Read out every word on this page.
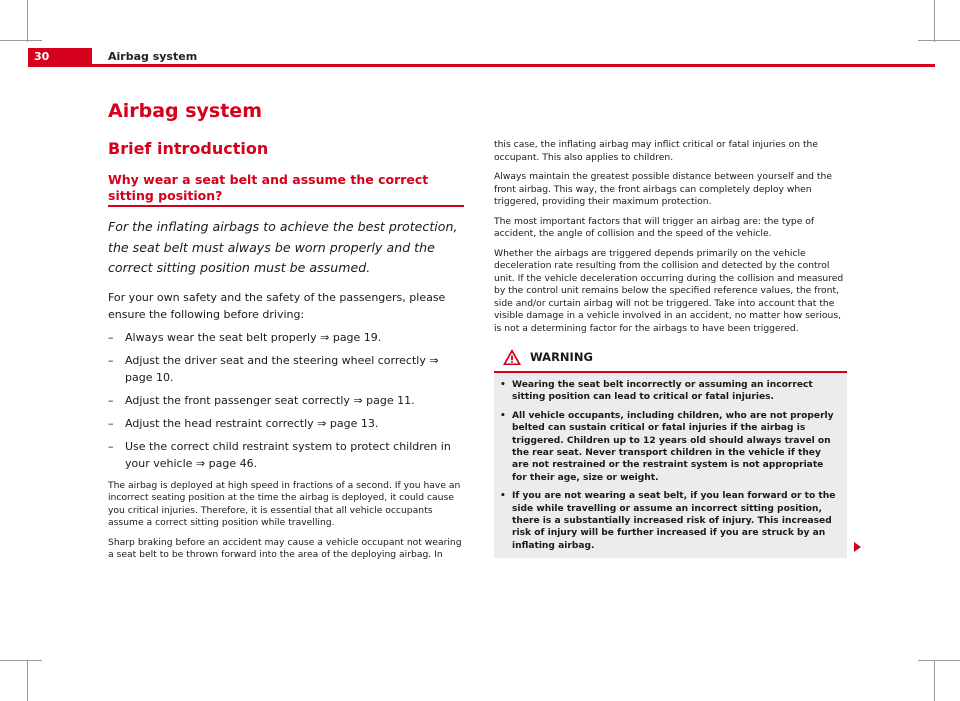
30	Airbag system
Airbag system
Brief introduction
Why wear a seat belt and assume the correct sitting position?

For the inflating airbags to achieve the best protection, the seat belt must always be worn properly and the correct sitting position must be assumed.

For your own safety and the safety of the passengers, please ensure the following before driving:

– Always wear the seat belt properly ⇒ page 19.
– Adjust the driver seat and the steering wheel correctly ⇒ page 10.
– Adjust the front passenger seat correctly ⇒ page 11.
– Adjust the head restraint correctly ⇒ page 13.
– Use the correct child restraint system to protect children in your vehicle ⇒ page 46.

The airbag is deployed at high speed in fractions of a second. If you have an incorrect seating position at the time the airbag is deployed, it could cause you critical injuries. Therefore, it is essential that all vehicle occupants assume a correct sitting position while travelling.

Sharp braking before an accident may cause a vehicle occupant not wearing a seat belt to be thrown forward into the area of the deploying airbag. In

this case, the inflating airbag may inflict critical or fatal injuries on the occupant. This also applies to children.

Always maintain the greatest possible distance between yourself and the front airbag. This way, the front airbags can completely deploy when triggered, providing their maximum protection.

The most important factors that will trigger an airbag are: the type of accident, the angle of collision and the speed of the vehicle.

Whether the airbags are triggered depends primarily on the vehicle deceleration rate resulting from the collision and detected by the control unit. If the vehicle deceleration occurring during the collision and measured by the control unit remains below the specified reference values, the front, side and/or curtain airbag will not be triggered. Take into account that the visible damage in a vehicle involved in an accident, no matter how serious, is not a determining factor for the airbags to have been triggered.

WARNING
• Wearing the seat belt incorrectly or assuming an incorrect sitting position can lead to critical or fatal injuries.
• All vehicle occupants, including children, who are not properly belted can sustain critical or fatal injuries if the airbag is triggered. Children up to 12 years old should always travel on the rear seat. Never transport children in the vehicle if they are not restrained or the restraint system is not appropriate for their age, size or weight.
• If you are not wearing a seat belt, if you lean forward or to the side while travelling or assume an incorrect sitting position, there is a substantially increased risk of injury. This increased risk of injury will be further increased if you are struck by an inflating airbag.
